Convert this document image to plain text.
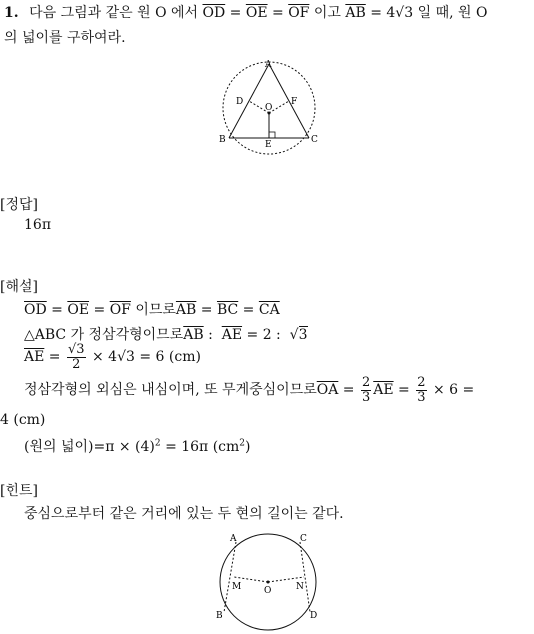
1. 다음 그림과 같은 원 O 에서 $\overline{OD} = \overline{OE} = \overline{OF}$ 이고 $\overline{AB} = 4√3$ 일 때, 원 O
의 넓이를 구하여라.
A
B	C
D
E
F
O
[정답]
16π
[해설]
$\overline{OD} = \overline{OE} = \overline{OF}$ 이므로$\overline{AB} = \overline{BC} = \overline{CA}$
△ABC 가 정삼각형이므로$\overline{AB}$ :  $\overline{AE} = 2$ :  √3
$\overline{AE} = \frac{√3}{2} \times 4√3 = 6$ (cm)
정삼각형의 외심은 내심이며, 또 무게중심이므로$\overline{OA} = \frac{2}{3} \overline{AE} = \frac{2}{3} \times 6$ =
4 (cm)
(원의 넓이)$=\pi \times (4)^2 = 16\pi$ $(cm^2)$
[힌트]
중심으로부터 같은 거리에 있는 두 현의 길이는 같다.
A
B
C
D
M	N
O
